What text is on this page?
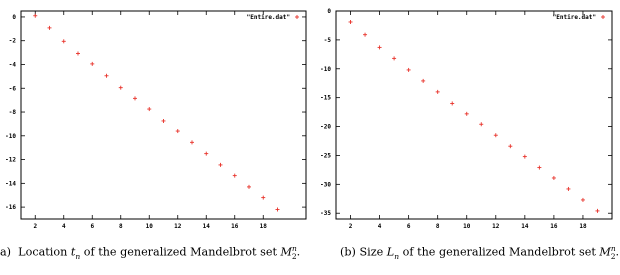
2	4	6	8	10	12	14	16	18
0
-2
-4
-6
-8
-10
-12
-14
-16
"Entire.dat"
2	4	6	8	10	12	14	16	18
0
-5
-10
-15
-20
-25
-30
-35
"Entire.dat"
a) Location $t_n$ of the generalized Mandelbrot set $M^n_2$.	(b) Size $L_n$ of the generalized Mandelbrot set $M^n_2$.
